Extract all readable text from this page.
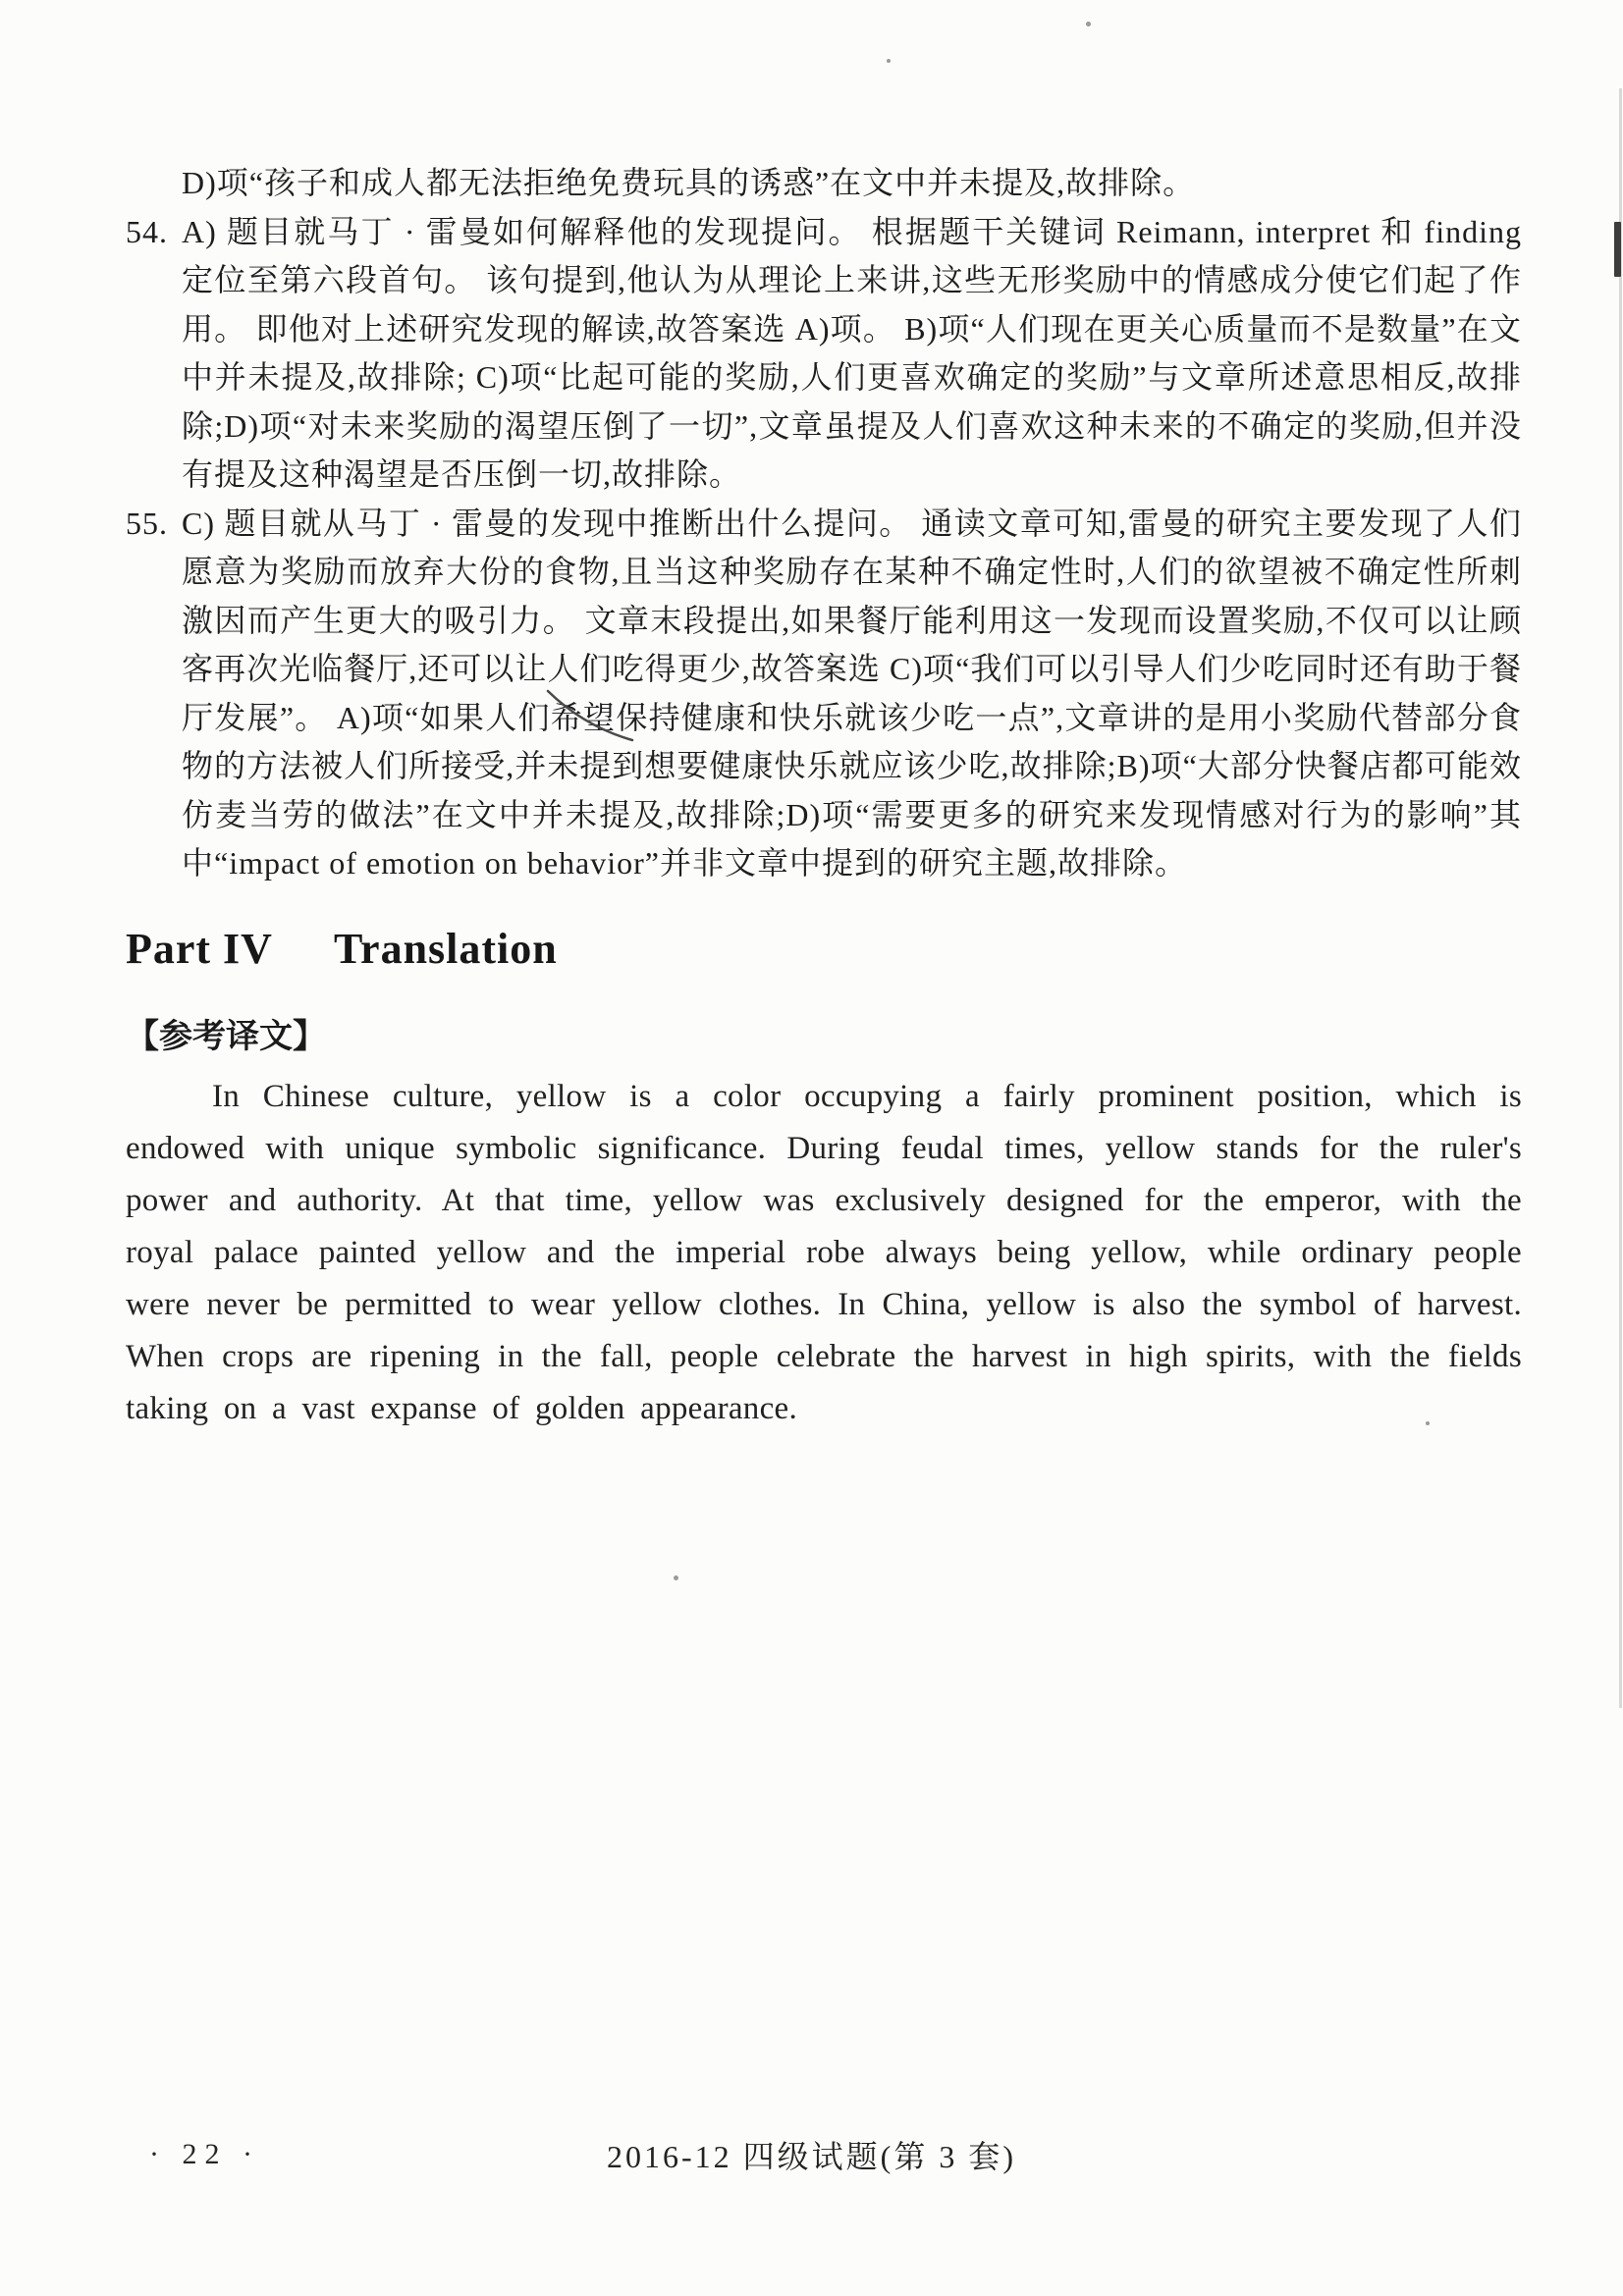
D)项“孩子和成人都无法拒绝免费玩具的诱惑”在文中并未提及,故排除。
54. A) 题目就马丁 · 雷曼如何解释他的发现提问。 根据题干关键词 Reimann, interpret 和 finding 定位至第六段首句。 该句提到,他认为从理论上来讲,这些无形奖励中的情感成分使它们起了作用。 即他对上述研究发现的解读,故答案选 A)项。 B)项“人们现在更关心质量而不是数量”在文中并未提及,故排除; C)项“比起可能的奖励,人们更喜欢确定的奖励”与文章所述意思相反,故排除;D)项“对未来奖励的渴望压倒了一切”,文章虽提及人们喜欢这种未来的不确定的奖励,但并没有提及这种渴望是否压倒一切,故排除。
55. C) 题目就从马丁 · 雷曼的发现中推断出什么提问。 通读文章可知,雷曼的研究主要发现了人们愿意为奖励而放弃大份的食物,且当这种奖励存在某种不确定性时,人们的欲望被不确定性所刺激因而产生更大的吸引力。 文章末段提出,如果餐厅能利用这一发现而设置奖励,不仅可以让顾客再次光临餐厅,还可以让人们吃得更少,故答案选 C)项“我们可以引导人们少吃同时还有助于餐厅发展”。 A)项“如果人们希望保持健康和快乐就该少吃一点”,文章讲的是用小奖励代替部分食物的方法被人们所接受,并未提到想要健康快乐就应该少吃,故排除;B)项“大部分快餐店都可能效仿麦当劳的做法”在文中并未提及,故排除;D)项“需要更多的研究来发现情感对行为的影响”其中“impact of emotion on behavior”并非文章中提到的研究主题,故排除。
Part IV Translation
【参考译文】

In Chinese culture, yellow is a color occupying a fairly prominent position, which is endowed with unique symbolic significance. During feudal times, yellow stands for the ruler's power and authority. At that time, yellow was exclusively designed for the emperor, with the royal palace painted yellow and the imperial robe always being yellow, while ordinary people were never be permitted to wear yellow clothes. In China, yellow is also the symbol of harvest. When crops are ripening in the fall, people celebrate the harvest in high spirits, with the fields taking on a vast expanse of golden appearance.

· 22 ·	2016-12 四级试题(第 3 套)
